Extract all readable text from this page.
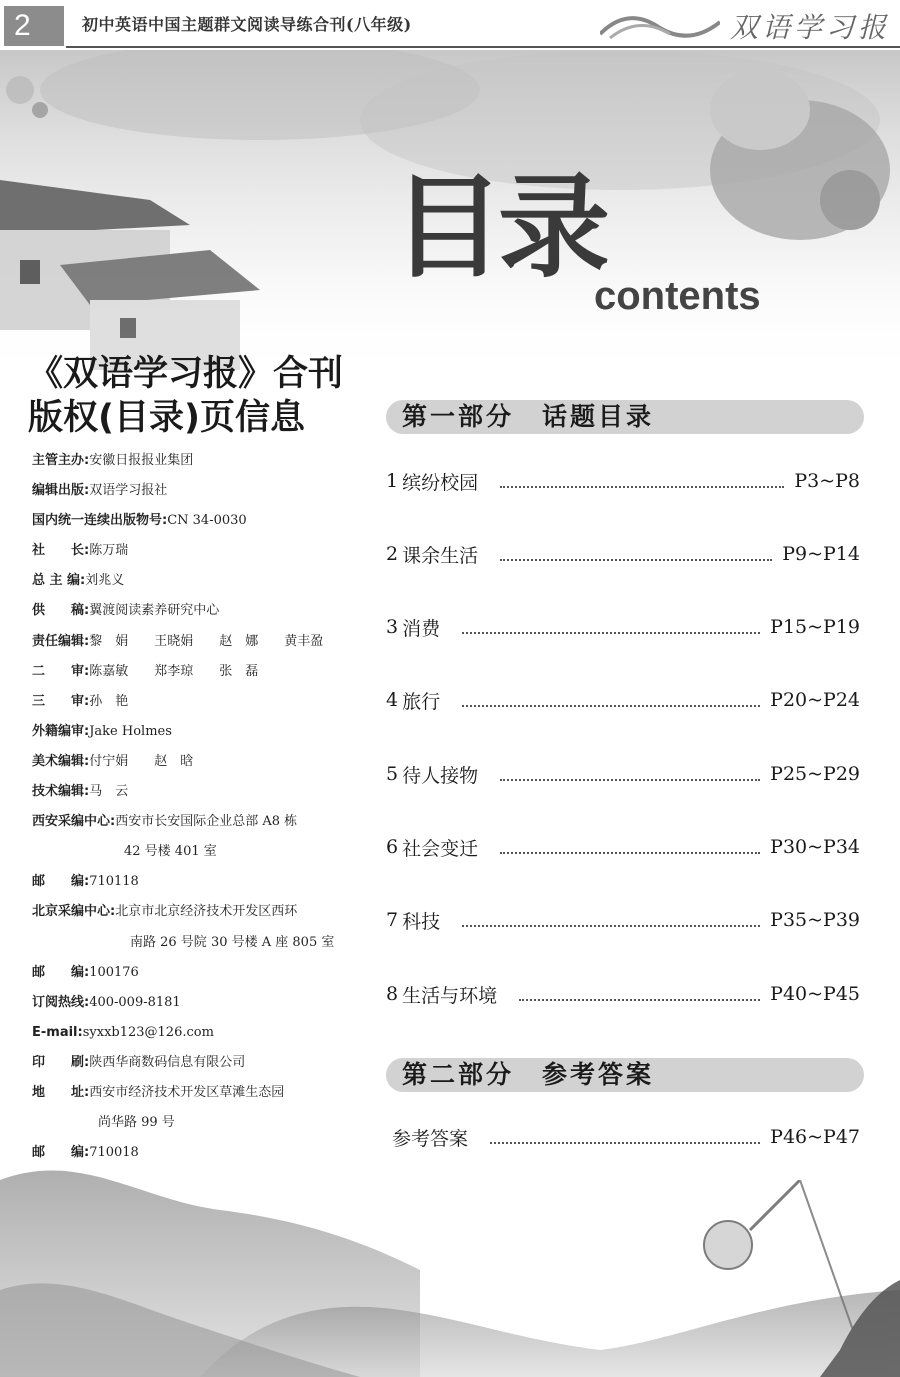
2	初中英语中国主题群文阅读导练合刊(八年级)	双语学习报
目录
contents
《双语学习报》合刊
版权(目录)页信息
主管主办: 安徽日报报业集团
编辑出版: 双语学习报社
国内统一连续出版物号: CN 34-0030
社　　长: 陈万瑞
总 主 编: 刘兆义
供　　稿: 翼渡阅读素养研究中心
责任编辑: 黎　娟　　王晓娟　　赵　娜　　黄丰盈
二　　审: 陈嘉敏　　郑李琼　　张　磊
三　　审: 孙　艳
外籍编审: Jake Holmes
美术编辑: 付宁娟　　赵　晗
技术编辑: 马　云
西安采编中心: 西安市长安国际企业总部 A8 栋
42 号楼 401 室
邮　　编: 710118
北京采编中心: 北京市北京经济技术开发区西环
南路 26 号院 30 号楼 A 座 805 室
邮　　编: 100176
订阅热线: 400-009-8181
E-mail: syxxb123@126.com
印　　刷: 陕西华商数码信息有限公司
地　　址: 西安市经济技术开发区草滩生态园
尚华路 99 号
邮　　编: 710018
第一部分　话题目录
1 缤纷校园	P3~P8
2 课余生活	P9~P14
3 消费	P15~P19
4 旅行	P20~P24
5 待人接物	P25~P29
6 社会变迁	P30~P34
7 科技	P35~P39
8 生活与环境	P40~P45
第二部分　参考答案
参考答案	P46~P47
